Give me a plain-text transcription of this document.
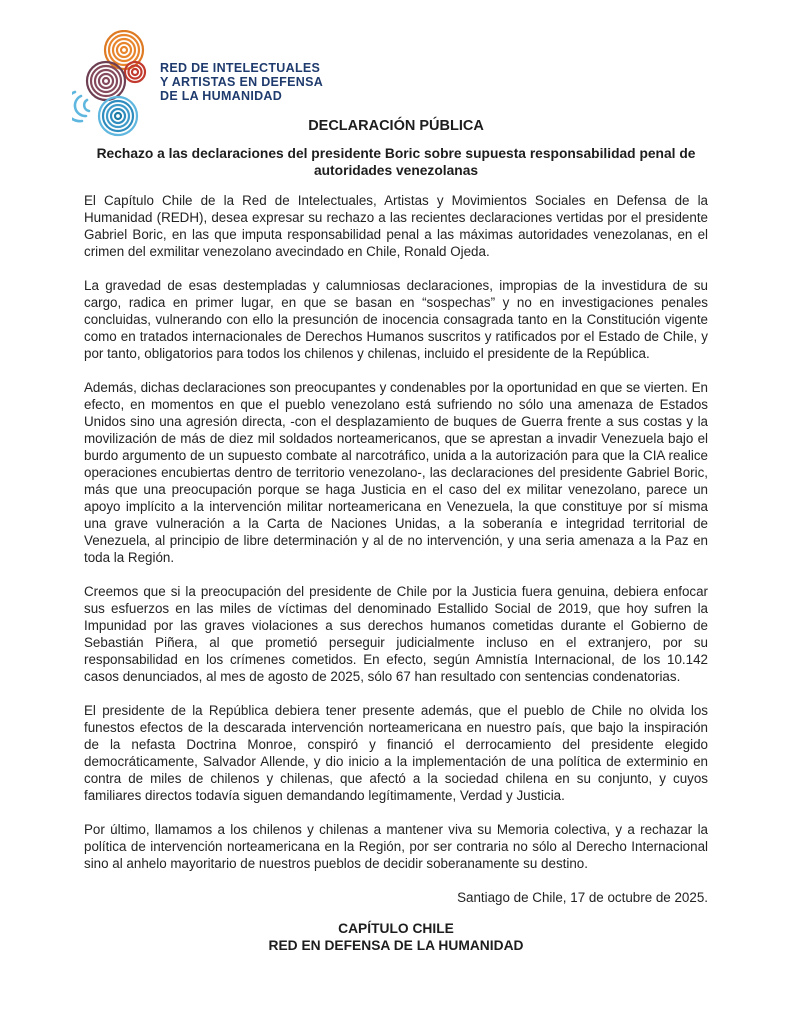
RED DE INTELECTUALES
Y ARTISTAS EN DEFENSA
DE LA HUMANIDAD
DECLARACIÓN PÚBLICA
Rechazo a las declaraciones del presidente Boric sobre supuesta responsabilidad penal de autoridades venezolanas

El Capítulo Chile de la Red de Intelectuales, Artistas y Movimientos Sociales en Defensa de la Humanidad (REDH), desea expresar su rechazo a las recientes declaraciones vertidas por el presidente Gabriel Boric, en las que imputa responsabilidad penal a las máximas autoridades venezolanas, en el crimen del exmilitar venezolano avecindado en Chile, Ronald Ojeda.

La gravedad de esas destempladas y calumniosas declaraciones, impropias de la investidura de su cargo, radica en primer lugar, en que se basan en “sospechas” y no en investigaciones penales concluidas, vulnerando con ello la presunción de inocencia consagrada tanto en la Constitución vigente como en tratados internacionales de Derechos Humanos suscritos y ratificados por el Estado de Chile, y por tanto, obligatorios para todos los chilenos y chilenas, incluido el presidente de la República.

Además, dichas declaraciones son preocupantes y condenables por la oportunidad en que se vierten. En efecto, en momentos en que el pueblo venezolano está sufriendo no sólo una amenaza de Estados Unidos sino una agresión directa, -con el desplazamiento de buques de Guerra frente a sus costas y la movilización de más de diez mil soldados norteamericanos, que se aprestan a invadir Venezuela bajo el burdo argumento de un supuesto combate al narcotráfico, unida a la autorización para que la CIA realice operaciones encubiertas dentro de territorio venezolano-, las declaraciones del presidente Gabriel Boric, más que una preocupación porque se haga Justicia en el caso del ex militar venezolano, parece un apoyo implícito a la intervención militar norteamericana en Venezuela, la que constituye por sí misma una grave vulneración a la Carta de Naciones Unidas, a la soberanía e integridad territorial de Venezuela, al principio de libre determinación y al de no intervención, y una seria amenaza a la Paz en toda la Región.

Creemos que si la preocupación del presidente de Chile por la Justicia fuera genuina, debiera enfocar sus esfuerzos en las miles de víctimas del denominado Estallido Social de 2019, que hoy sufren la Impunidad por las graves violaciones a sus derechos humanos cometidas durante el Gobierno de Sebastián Piñera, al que prometió perseguir judicialmente incluso en el extranjero, por su responsabilidad en los crímenes cometidos. En efecto, según Amnistía Internacional, de los 10.142 casos denunciados, al mes de agosto de 2025, sólo 67 han resultado con sentencias condenatorias.

El presidente de la República debiera tener presente además, que el pueblo de Chile no olvida los funestos efectos de la descarada intervención norteamericana en nuestro país, que bajo la inspiración de la nefasta Doctrina Monroe, conspiró y financió el derrocamiento del presidente elegido democráticamente, Salvador Allende, y dio inicio a la implementación de una política de exterminio en contra de miles de chilenos y chilenas, que afectó a la sociedad chilena en su conjunto, y cuyos familiares directos todavía siguen demandando legítimamente, Verdad y Justicia.

Por último, llamamos a los chilenos y chilenas a mantener viva su Memoria colectiva, y a rechazar la política de intervención norteamericana en la Región, por ser contraria no sólo al Derecho Internacional sino al anhelo mayoritario de nuestros pueblos de decidir soberanamente su destino.

Santiago de Chile, 17 de octubre de 2025.
CAPÍTULO CHILE
RED EN DEFENSA DE LA HUMANIDAD
